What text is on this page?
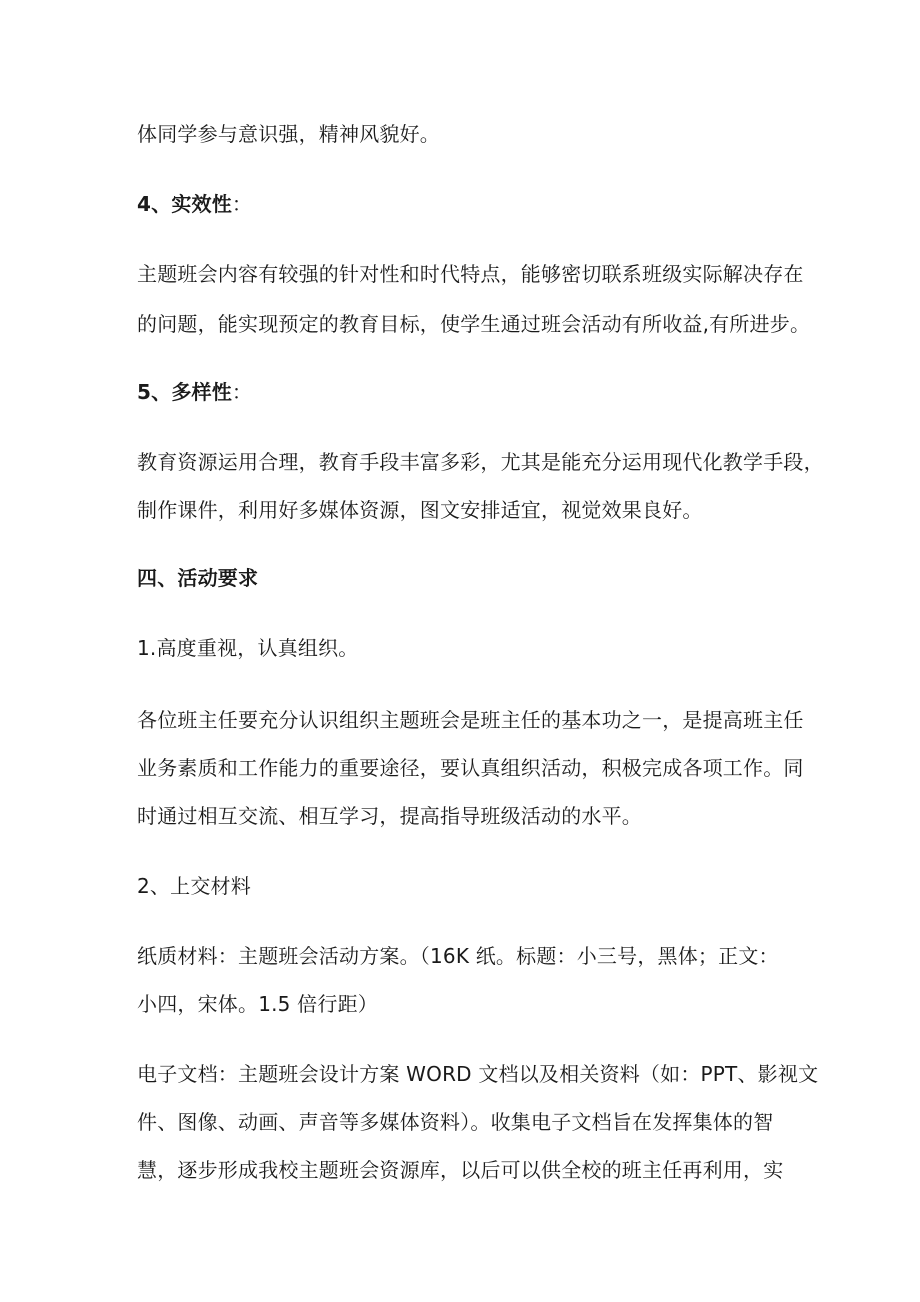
体同学参与意识强，精神风貌好。
4、实效性：
主题班会内容有较强的针对性和时代特点，能够密切联系班级实际解决存在
的问题，能实现预定的教育目标，使学生通过班会活动有所收益,有所进步。
5、多样性：
教育资源运用合理，教育手段丰富多彩，尤其是能充分运用现代化教学手段，
制作课件，利用好多媒体资源，图文安排适宜，视觉效果良好。
四、活动要求
1.高度重视，认真组织。
各位班主任要充分认识组织主题班会是班主任的基本功之一，是提高班主任
业务素质和工作能力的重要途径，要认真组织活动，积极完成各项工作。同
时通过相互交流、相互学习，提高指导班级活动的水平。
2、上交材料
纸质材料：主题班会活动方案。（16K 纸。标题：小三号，黑体；正文：
小四，宋体。1.5 倍行距）
电子文档：主题班会设计方案 WORD 文档以及相关资料（如：PPT、影视文
件、图像、动画、声音等多媒体资料）。收集电子文档旨在发挥集体的智
慧，逐步形成我校主题班会资源库，以后可以供全校的班主任再利用，实
